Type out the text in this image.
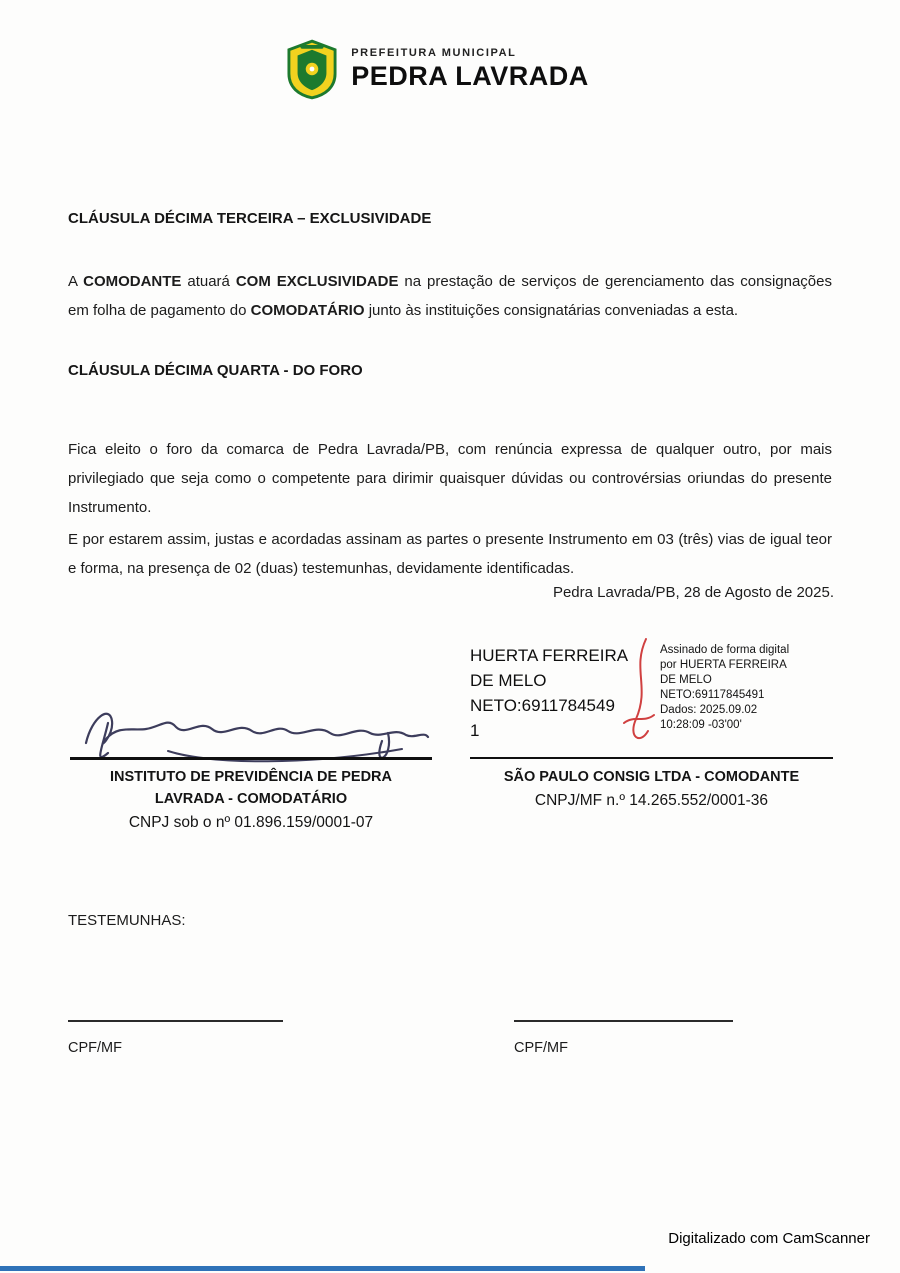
PREFEITURA MUNICIPAL
PEDRA LAVRADA
CLÁUSULA DÉCIMA TERCEIRA – EXCLUSIVIDADE

A COMODANTE atuará COM EXCLUSIVIDADE na prestação de serviços de gerenciamento das consignações em folha de pagamento do COMODATÁRIO junto às instituições consignatárias conveniadas a esta.

CLÁUSULA DÉCIMA QUARTA - DO FORO

Fica eleito o foro da comarca de Pedra Lavrada/PB, com renúncia expressa de qualquer outro, por mais privilegiado que seja como o competente para dirimir quaisquer dúvidas ou controvérsias oriundas do presente Instrumento.

E por estarem assim, justas e acordadas assinam as partes o presente Instrumento em 03 (três) vias de igual teor e forma, na presença de 02 (duas) testemunhas, devidamente identificadas.

Pedra Lavrada/PB, 28 de Agosto de 2025.
HUERTA FERREIRA
DE MELO
NETO:6911784549
1
Assinado de forma digital por HUERTA FERREIRA DE MELO NETO:69117845491
Dados: 2025.09.02 10:28:09 -03'00'
INSTITUTO DE PREVIDÊNCIA DE PEDRA
LAVRADA - COMODATÁRIO
CNPJ sob o nº 01.896.159/0001-07
SÃO PAULO CONSIG LTDA - COMODANTE
CNPJ/MF n.º 14.265.552/0001-36
TESTEMUNHAS:
CPF/MF	CPF/MF
Digitalizado com CamScanner
